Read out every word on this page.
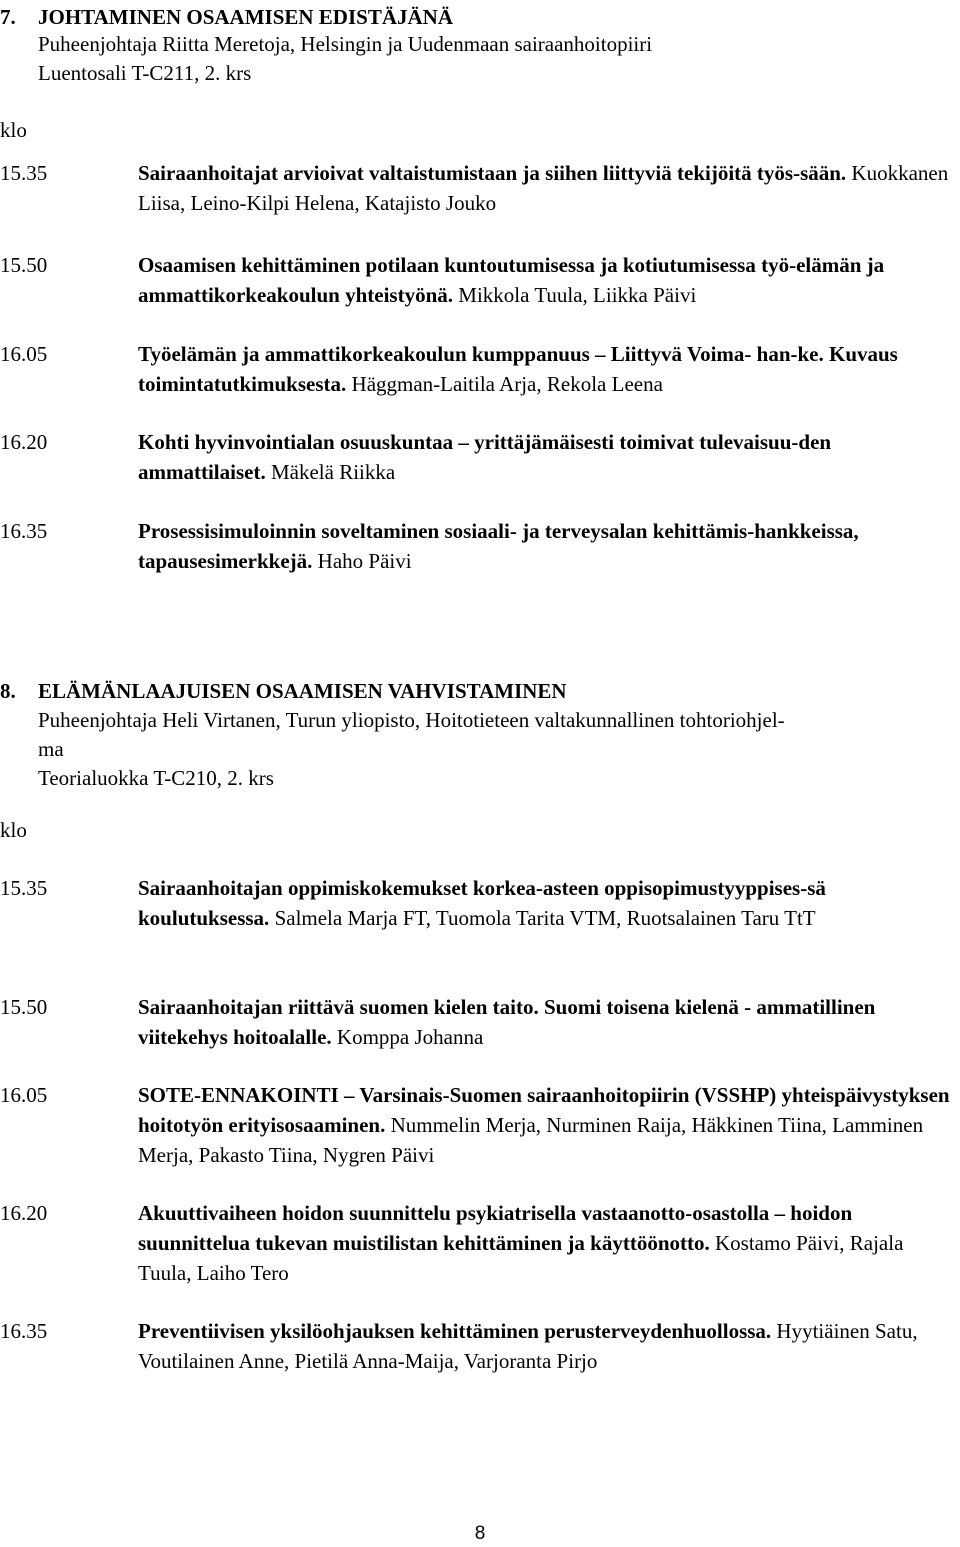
7. JOHTAMINEN OSAAMISEN EDISTÄJÄNÄ
Puheenjohtaja Riitta Meretoja, Helsingin ja Uudenmaan sairaanhoitopiiri
Luentosali T-C211, 2. krs
klo
15.35	Sairaanhoitajat arvioivat valtaistumistaan ja siihen liittyviä tekijöitä työs-sään. Kuokkanen Liisa, Leino-Kilpi Helena, Katajisto Jouko

15.50	Osaamisen kehittäminen potilaan kuntoutumisessa ja kotiutumisessa työ-elämän ja ammattikorkeakoulun yhteistyönä. Mikkola Tuula, Liikka Päivi

16.05	Työelämän ja ammattikorkeakoulun kumppanuus – Liittyvä Voima- han-ke. Kuvaus toimintatutkimuksesta. Häggman-Laitila Arja, Rekola Leena

16.20	Kohti hyvinvointialan osuuskuntaa – yrittäjämäisesti toimivat tulevaisuu-den ammattilaiset. Mäkelä Riikka

16.35	Prosessisimuloinnin soveltaminen sosiaali- ja terveysalan kehittämis-hankkeissa, tapausesimerkkejä. Haho Päivi

8. ELÄMÄNLAAJUISEN OSAAMISEN VAHVISTAMINEN
Puheenjohtaja Heli Virtanen, Turun yliopisto, Hoitotieteen valtakunnallinen tohtoriohjel-
ma
Teorialuokka T-C210, 2. krs
klo
15.35	Sairaanhoitajan oppimiskokemukset korkea-asteen oppisopimustyyppises-sä koulutuksessa. Salmela Marja FT, Tuomola Tarita VTM, Ruotsalainen Taru TtT

15.50	Sairaanhoitajan riittävä suomen kielen taito. Suomi toisena kielenä - ammatillinen viitekehys hoitoalalle. Komppa Johanna

16.05	SOTE-ENNAKOINTI – Varsinais-Suomen sairaanhoitopiirin (VSSHP) yhteispäivystyksen hoitotyön erityisosaaminen. Nummelin Merja, Nurminen Raija, Häkkinen Tiina, Lamminen Merja, Pakasto Tiina, Nygren Päivi

16.20	Akuuttivaiheen hoidon suunnittelu psykiatrisella vastaanotto-osastolla – hoidon suunnittelua tukevan muistilistan kehittäminen ja käyttöönotto. Kostamo Päivi, Rajala Tuula, Laiho Tero

16.35	Preventiivisen yksilöohjauksen kehittäminen perusterveydenhuollossa. Hyytiäinen Satu, Voutilainen Anne, Pietilä Anna-Maija, Varjoranta Pirjo

8
